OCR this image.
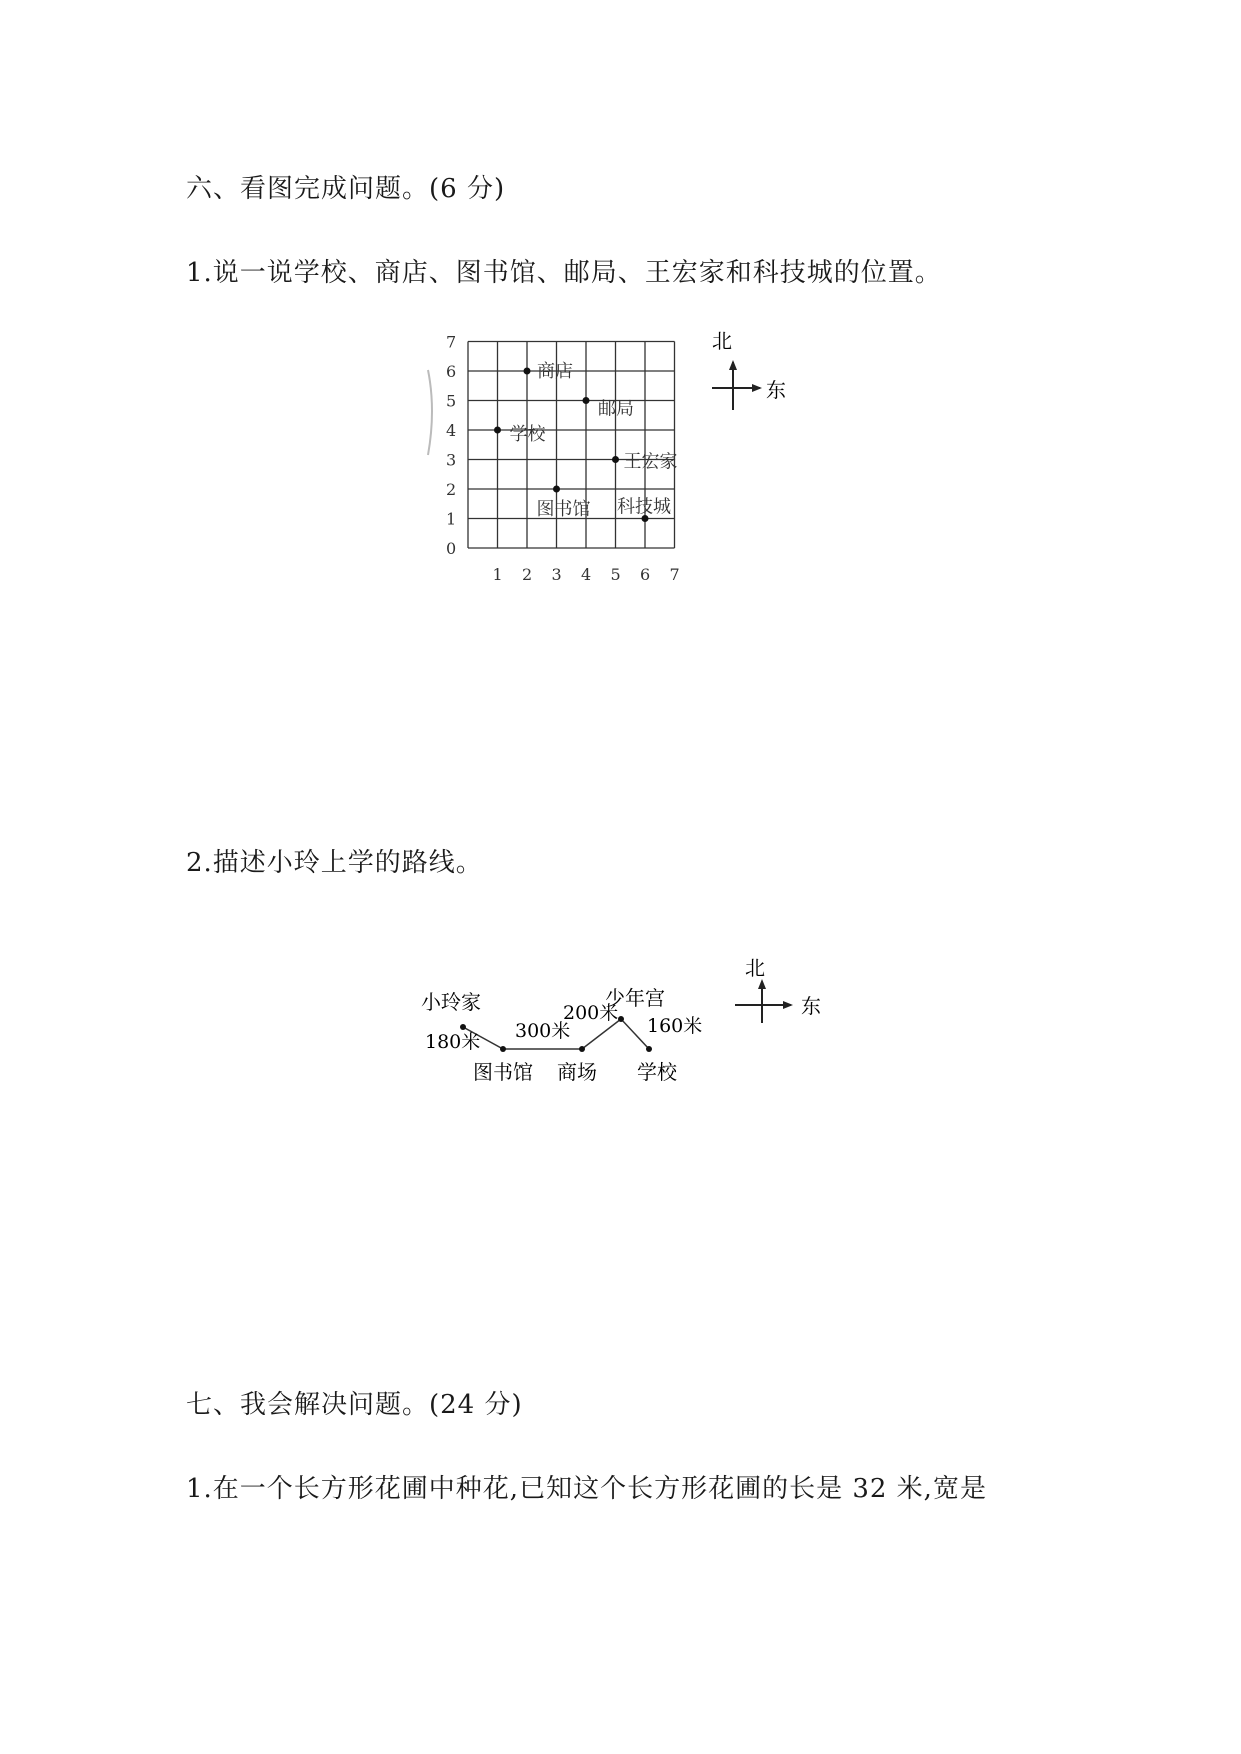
六、看图完成问题。(6 分)
1.说一说学校、商店、图书馆、邮局、王宏家和科技城的位置。
1 2 3 4 5 6 7
0
1
2
3
4
5
6
7
商店
邮局
学校
王宏家
图书馆 科技城
北
东
2.描述小玲上学的路线。
小玲家
图书馆 商场
少年宫
学校
180米 300米
200米
160米
北
东
七、我会解决问题。(24 分)
1.在一个长方形花圃中种花,已知这个长方形花圃的长是 32 米,宽是
